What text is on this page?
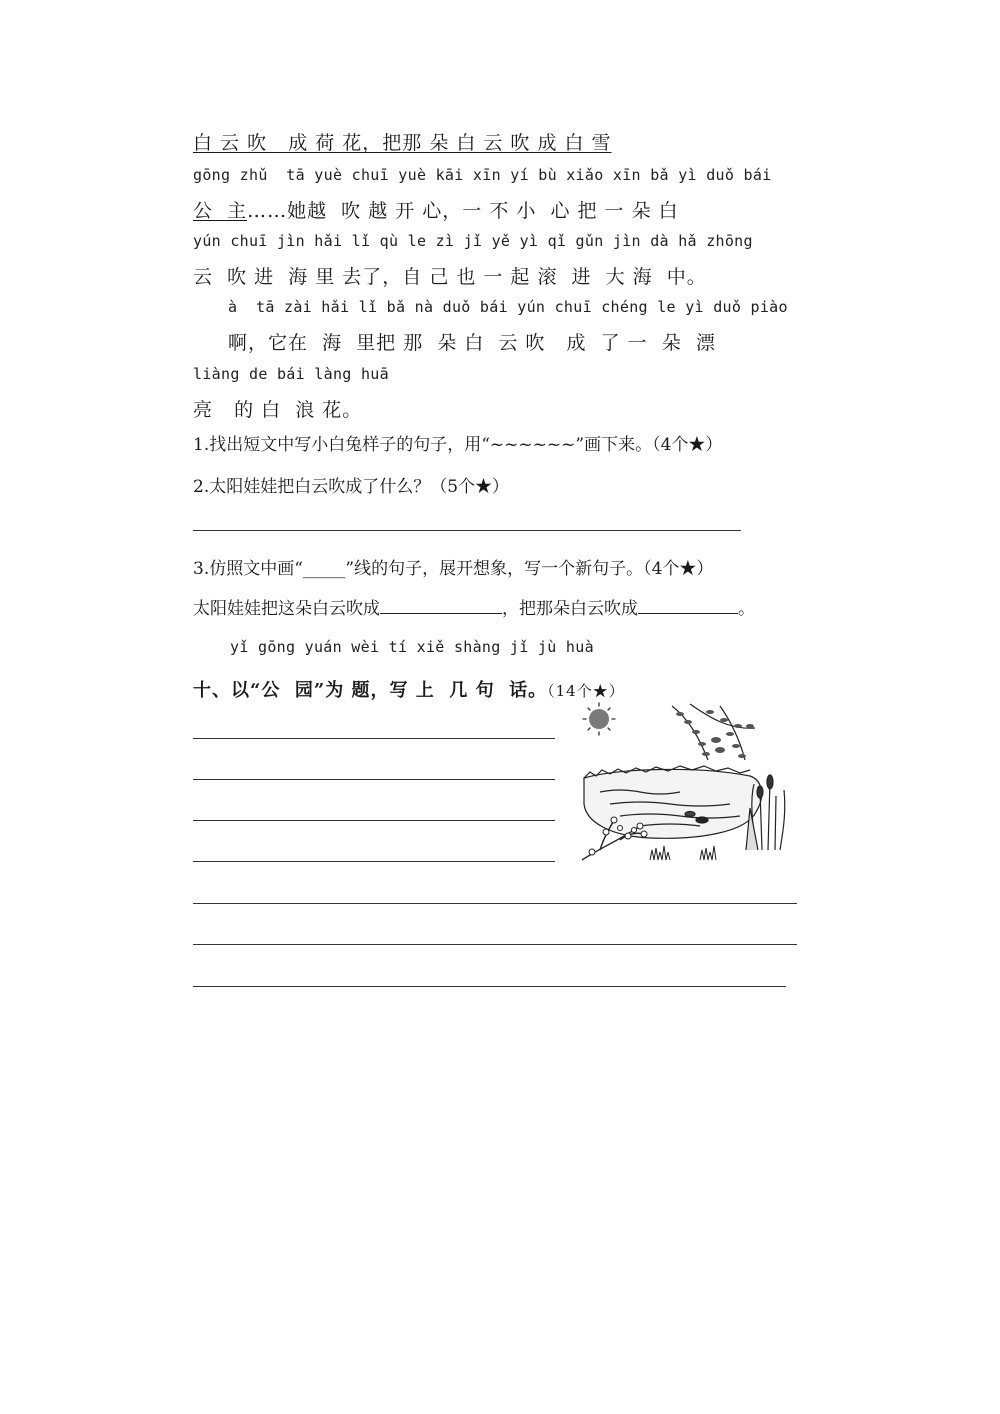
白 云 吹   成 荷 花，把那 朵 白 云 吹 成 白 雪
gōng zhǔ  tā yuè chuī yuè kāi xīn yí bù xiǎo xīn bǎ yì duǒ bái
公  主……她越  吹 越 开 心，一 不 小  心 把 一 朵 白
yún chuī jìn hǎi lǐ qù le zì jǐ yě yì qǐ gǔn jìn dà hǎ zhōng
云  吹 进  海 里 去了，自 己 也 一 起 滚  进  大 海  中。
à  tā zài hǎi lǐ bǎ nà duǒ bái yún chuī chéng le yì duǒ piào
啊，它在  海  里把 那  朵 白  云 吹   成  了 一  朵  漂
liàng de bái làng huā
亮   的 白  浪 花。
1.找出短文中写小白兔样子的句子，用“~~~~~~”画下来。（4个★）
2.太阳娃娃把白云吹成了什么？（5个★）
3.仿照文中画“_____”线的句子，展开想象，写一个新句子。（4个★）
太阳娃娃把这朵白云吹成	，把那朵白云吹成	。
yǐ gōng yuán wèi tí xiě shàng jǐ jù huà
十、以“公  园”为 题，写 上  几 句  话。（14个★）
